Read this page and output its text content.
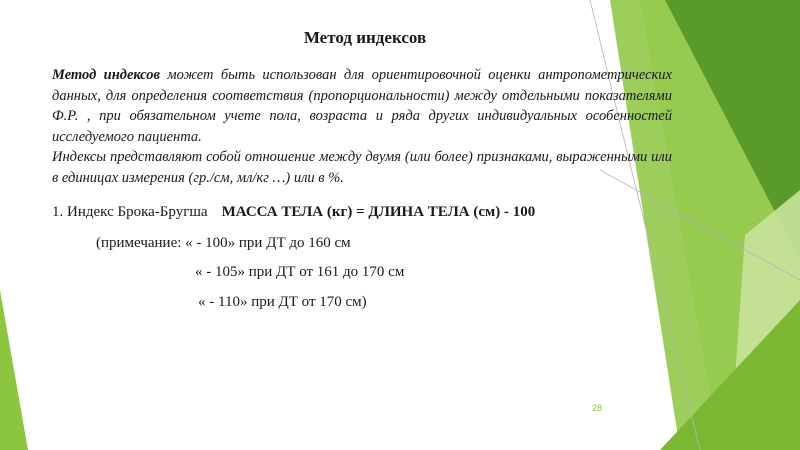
Метод индексов
Метод индексов может быть использован для ориентировочной оценки антропометрических данных, для определения соответствия (пропорциональности) между отдельными показателями Ф.Р. , при обязательном учете пола, возраста и ряда других индивидуальных особенностей исследуемого пациента.
Индексы представляют собой отношение между двумя (или более) признаками, выраженными или в единицах измерения (гр./см, мл/кг …) или в %.
1. Индекс Брока-Бругша МАССА ТЕЛА (кг) = ДЛИНА ТЕЛА (см) - 100
(примечание: « - 100» при ДТ до 160 см
« - 105» при ДТ от 161 до 170 см
« - 110» при ДТ от 170 см)
28
